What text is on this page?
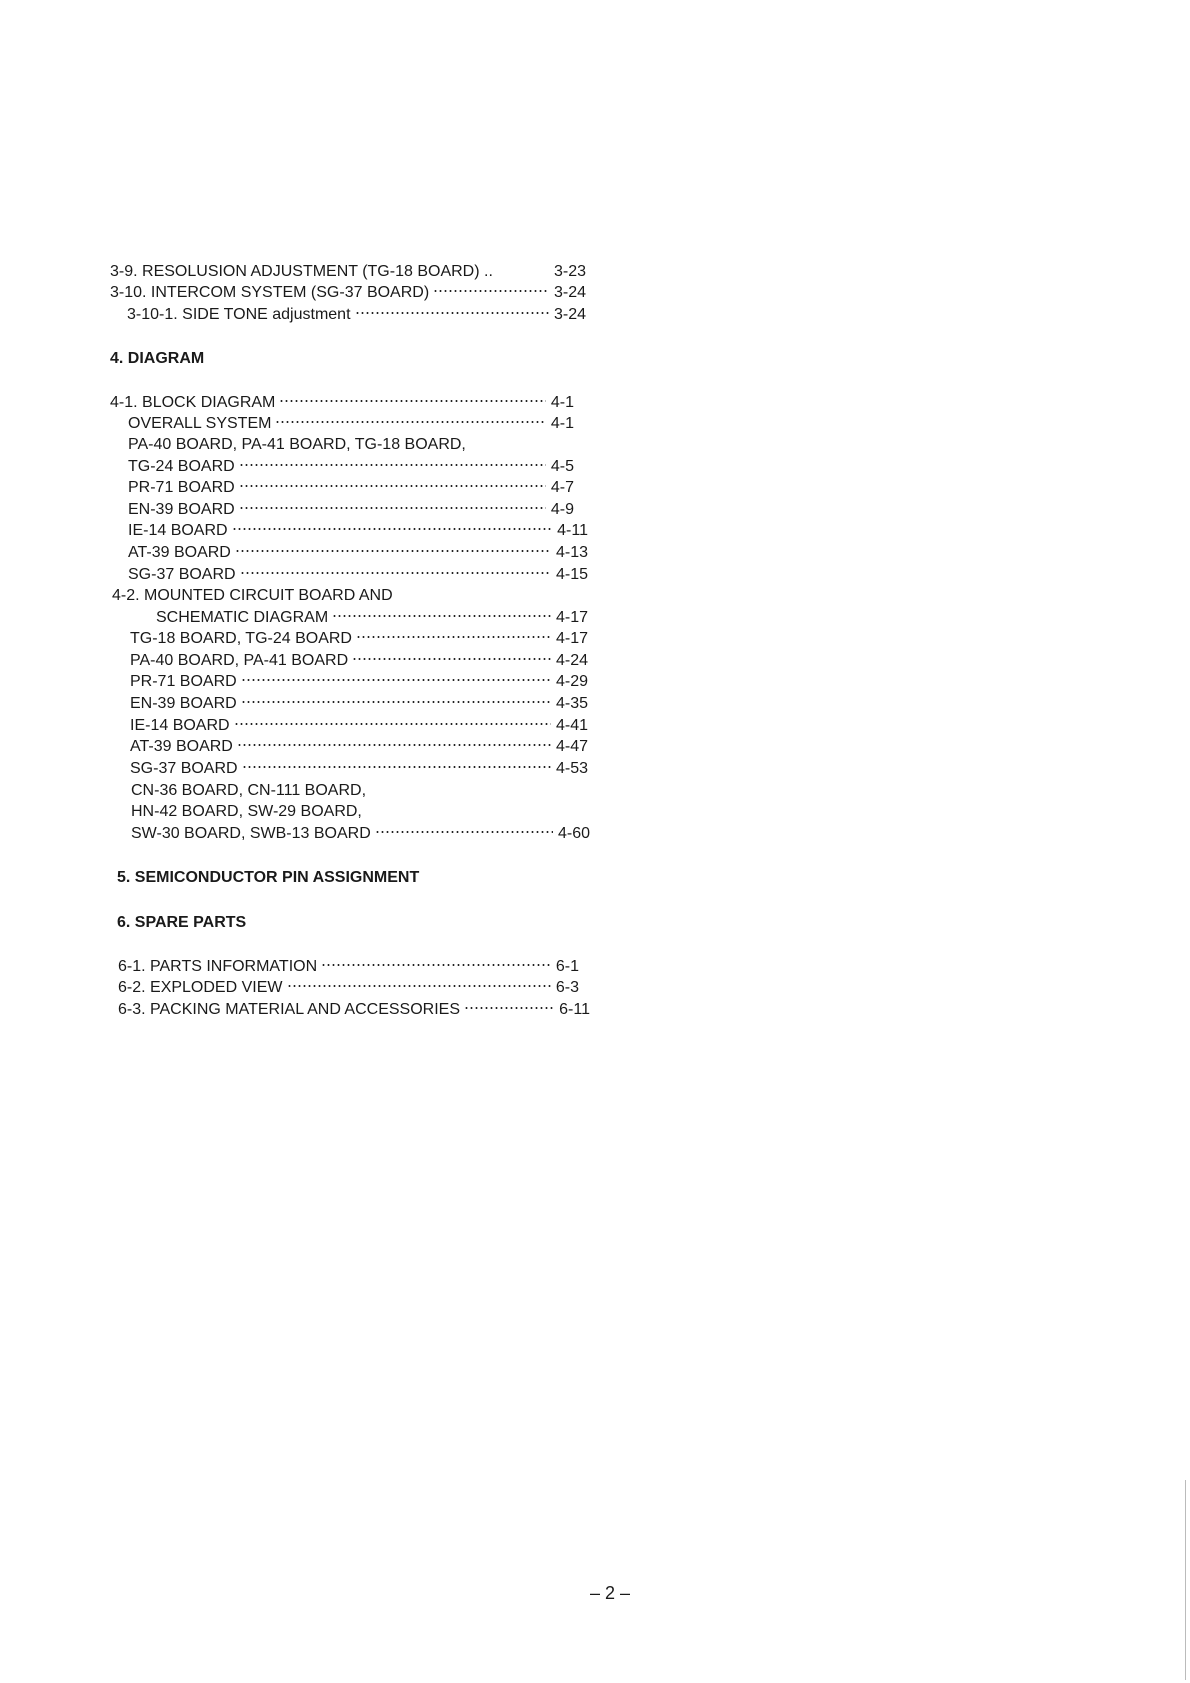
3-9. RESOLUSION ADJUSTMENT (TG-18 BOARD) ..	3-23
3-10. INTERCOM SYSTEM (SG-37 BOARD)	3-24
3-10-1. SIDE TONE adjustment	3-24
4. DIAGRAM
4-1. BLOCK DIAGRAM	4-1
OVERALL SYSTEM	4-1
PA-40 BOARD, PA-41 BOARD, TG-18 BOARD,
TG-24 BOARD	4-5
PR-71 BOARD	4-7
EN-39 BOARD	4-9
IE-14 BOARD	4-11
AT-39 BOARD	4-13
SG-37 BOARD	4-15
4-2. MOUNTED CIRCUIT BOARD AND
SCHEMATIC DIAGRAM	4-17
TG-18 BOARD, TG-24 BOARD	4-17
PA-40 BOARD, PA-41 BOARD	4-24
PR-71 BOARD	4-29
EN-39 BOARD	4-35
IE-14 BOARD	4-41
AT-39 BOARD	4-47
SG-37 BOARD	4-53
CN-36 BOARD, CN-111 BOARD,
HN-42 BOARD, SW-29 BOARD,
SW-30 BOARD, SWB-13 BOARD	4-60
5. SEMICONDUCTOR PIN ASSIGNMENT
6. SPARE PARTS
6-1. PARTS INFORMATION	6-1
6-2. EXPLODED VIEW	6-3
6-3. PACKING MATERIAL AND ACCESSORIES	6-11
– 2 –
